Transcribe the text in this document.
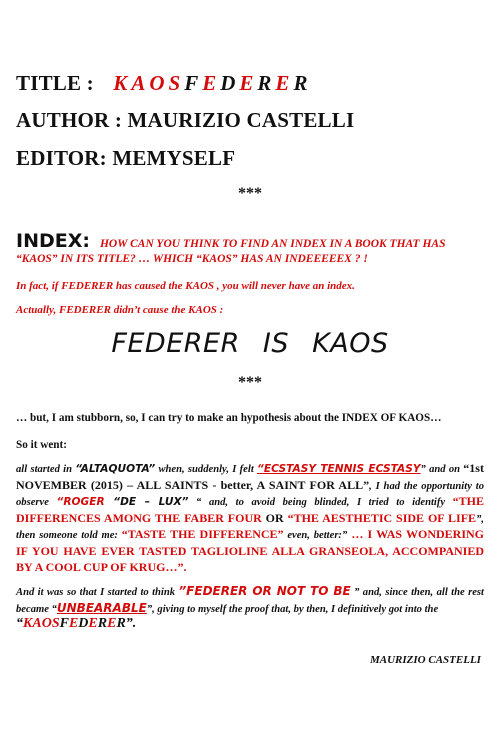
TITLE : KAOSFEDERER
AUTHOR : MAURIZIO CASTELLI
EDITOR: MEMYSELF
***
INDEX: HOW CAN YOU THINK TO FIND AN INDEX IN A BOOK THAT HAS
“KAOS” IN ITS TITLE? … WHICH “KAOS” HAS AN INDEEEEEX ? !
In fact, if FEDERER has caused the KAOS , you will never have an index.
Actually, FEDERER didn’t cause the KAOS :
FEDERER IS KAOS
***
… but, I am stubborn, so, I can try to make an hypothesis about the INDEX OF KAOS…
So it went:
all started in “ALTAQUOTA” when, suddenly, I felt “ECSTASY TENNIS ECSTASY” and on “1st NOVEMBER (2015) – ALL SAINTS - better, A SAINT FOR ALL”, I had the opportunity to observe “ROGER “DE – LUX” “ and, to avoid being blinded, I tried to identify “THE DIFFERENCES AMONG THE FABER FOUR OR “THE AESTHETIC SIDE OF LIFE”, then someone told me: “TASTE THE DIFFERENCE” even, better:” … I WAS WONDERING IF YOU HAVE EVER TASTED TAGLIOLINE ALLA GRANSEOLA, ACCOMPANIED BY A COOL CUP OF KRUG…”.
And it was so that I started to think ”FEDERER OR NOT TO BE ” and, since then, all the rest became “UNBEARABLE”, giving to myself the proof that, by then, I definitively got into the
“KAOSFEDERER”.
MAURIZIO CASTELLI
